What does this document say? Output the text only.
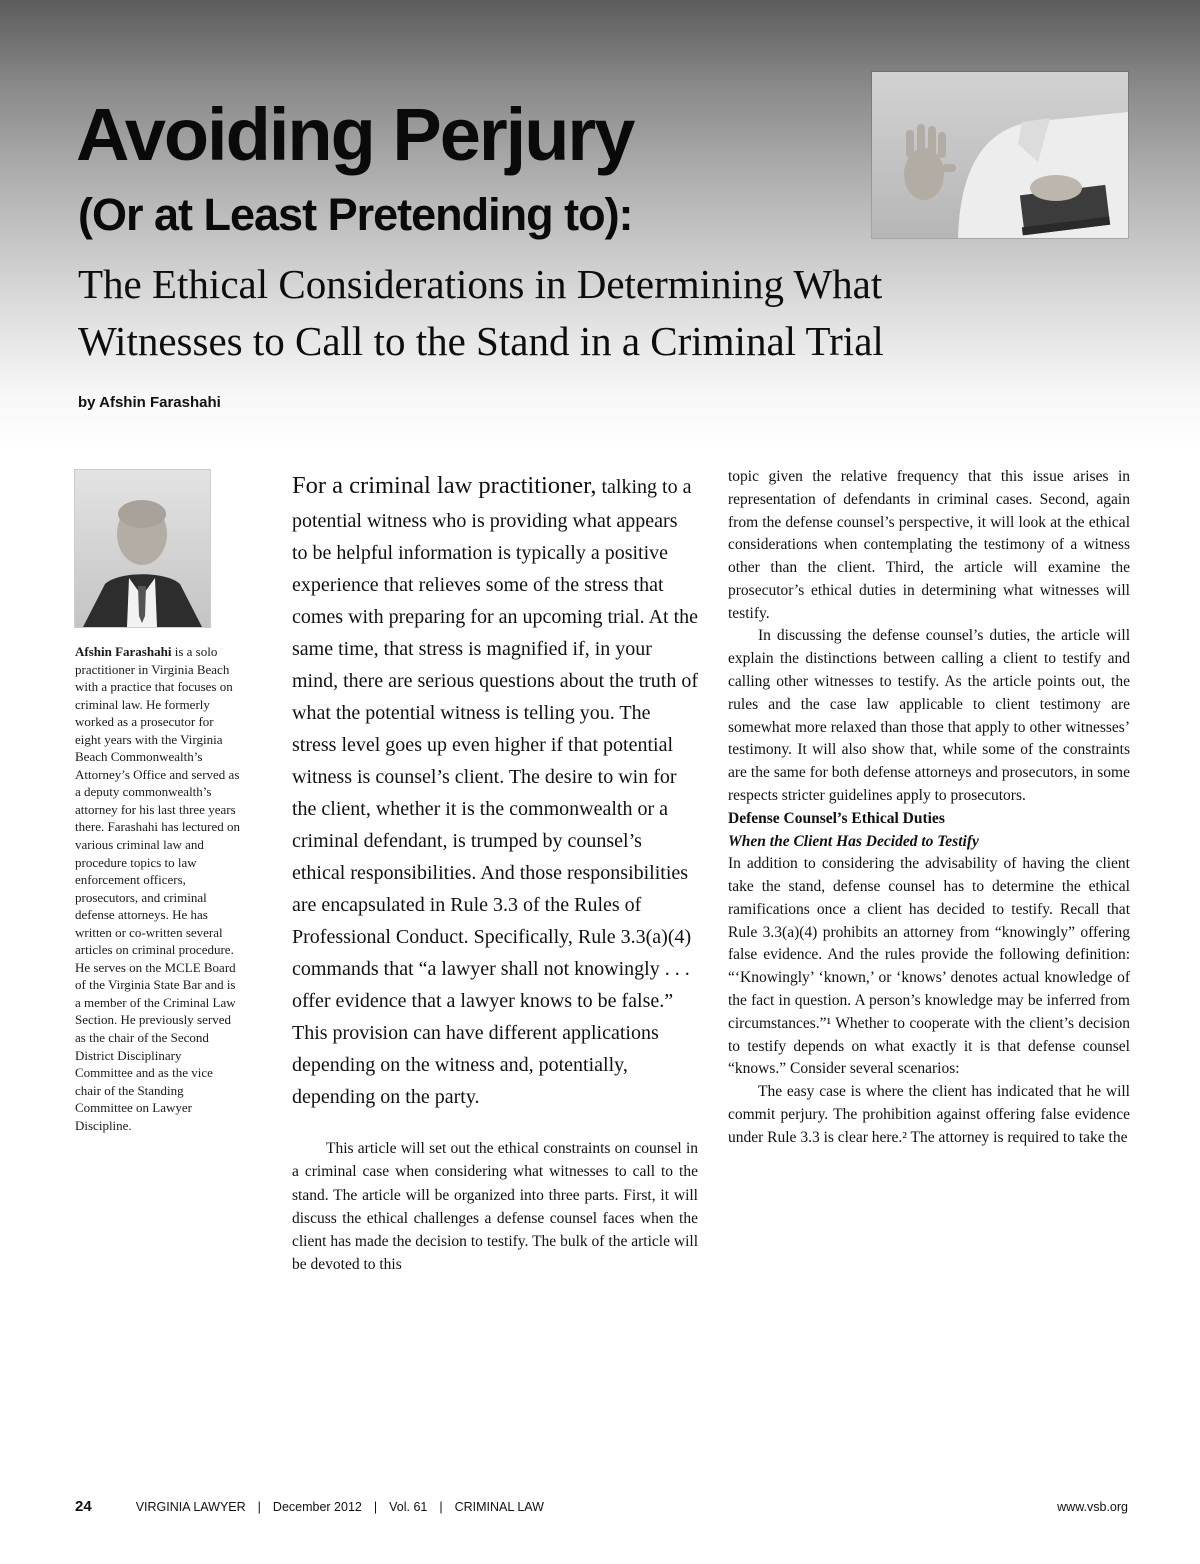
Avoiding Perjury
(Or at Least Pretending to):
The Ethical Considerations in Determining What
Witnesses to Call to the Stand in a Criminal Trial
by Afshin Farashahi

Afshin Farashahi is a solo practitioner in Virginia Beach with a practice that focuses on criminal law. He formerly worked as a prosecutor for eight years with the Virginia Beach Commonwealth’s Attorney’s Office and served as a deputy commonwealth’s attorney for his last three years there. Farashahi has lectured on various criminal law and procedure topics to law enforcement officers, prosecutors, and criminal defense attorneys. He has written or co-written several articles on criminal procedure. He serves on the MCLE Board of the Virginia State Bar and is a member of the Criminal Law Section. He previously served as the chair of the Second District Disciplinary Committee and as the vice chair of the Standing Committee on Lawyer Discipline.

For a criminal law practitioner, talking to a potential witness who is providing what appears to be helpful information is typically a positive experience that relieves some of the stress that comes with preparing for an upcoming trial. At the same time, that stress is magnified if, in your mind, there are serious questions about the truth of what the potential witness is telling you. The stress level goes up even higher if that potential witness is counsel’s client. The desire to win for the client, whether it is the commonwealth or a criminal defendant, is trumped by counsel’s ethical responsibilities. And those responsibilities are encapsulated in Rule 3.3 of the Rules of Professional Conduct. Specifically, Rule 3.3(a)(4) commands that “a lawyer shall not knowingly . . . offer evidence that a lawyer knows to be false.” This provision can have different applications depending on the witness and, potentially, depending on the party.

This article will set out the ethical constraints on counsel in a criminal case when considering what witnesses to call to the stand. The article will be organized into three parts. First, it will discuss the ethical challenges a defense counsel faces when the client has made the decision to testify. The bulk of the article will be devoted to this

topic given the relative frequency that this issue arises in representation of defendants in criminal cases. Second, again from the defense counsel’s perspective, it will look at the ethical considerations when contemplating the testimony of a witness other than the client. Third, the article will examine the prosecutor’s ethical duties in determining what witnesses will testify.

In discussing the defense counsel’s duties, the article will explain the distinctions between calling a client to testify and calling other witnesses to testify. As the article points out, the rules and the case law applicable to client testimony are somewhat more relaxed than those that apply to other witnesses’ testimony. It will also show that, while some of the constraints are the same for both defense attorneys and prosecutors, in some respects stricter guidelines apply to prosecutors.

Defense Counsel’s Ethical Duties

When the Client Has Decided to Testify

In addition to considering the advisability of having the client take the stand, defense counsel has to determine the ethical ramifications once a client has decided to testify. Recall that Rule 3.3(a)(4) prohibits an attorney from “knowingly” offering false evidence. And the rules provide the following definition: “‘Knowingly’ ‘known,’ or ‘knows’ denotes actual knowledge of the fact in question. A person’s knowledge may be inferred from circumstances.”¹ Whether to cooperate with the client’s decision to testify depends on what exactly it is that defense counsel “knows.” Consider several scenarios:

The easy case is where the client has indicated that he will commit perjury. The prohibition against offering false evidence under Rule 3.3 is clear here.² The attorney is required to take the

24	VIRGINIA LAWYER | December 2012 | Vol. 61 | CRIMINAL LAW	www.vsb.org
